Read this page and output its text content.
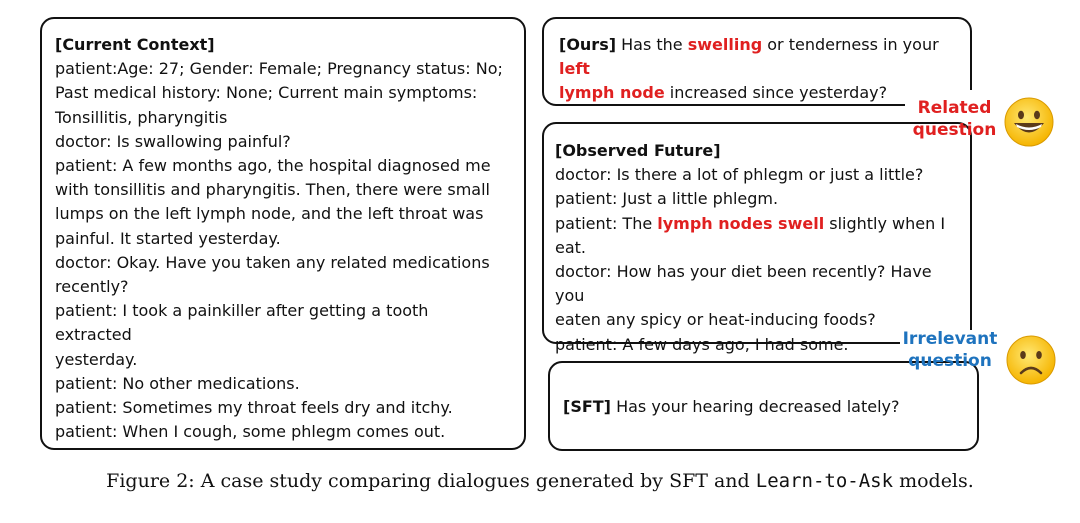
[Current Context]
patient:Age: 27; Gender: Female; Pregnancy status: No;
Past medical history: None; Current main symptoms:
Tonsillitis, pharyngitis
doctor: Is swallowing painful?
patient: A few months ago, the hospital diagnosed me
with tonsillitis and pharyngitis. Then, there were small
lumps on the left lymph node, and the left throat was
painful. It started yesterday.
doctor: Okay. Have you taken any related medications
recently?
patient: I took a painkiller after getting a tooth extracted
yesterday.
patient: No other medications.
patient: Sometimes my throat feels dry and itchy.
patient: When I cough, some phlegm comes out.
[Ours] Has the swelling or tenderness in your left
lymph node increased since yesterday?
[Observed Future]
doctor: Is there a lot of phlegm or just a little?
patient: Just a little phlegm.
patient: The lymph nodes swell slightly when I eat.
doctor: How has your diet been recently? Have you
eaten any spicy or heat-inducing foods?
patient: A few days ago, I had some.
[SFT] Has your hearing decreased lately?
Related
question
Irrelevant
question
Figure 2: A case study comparing dialogues generated by SFT and Learn-to-Ask models.
